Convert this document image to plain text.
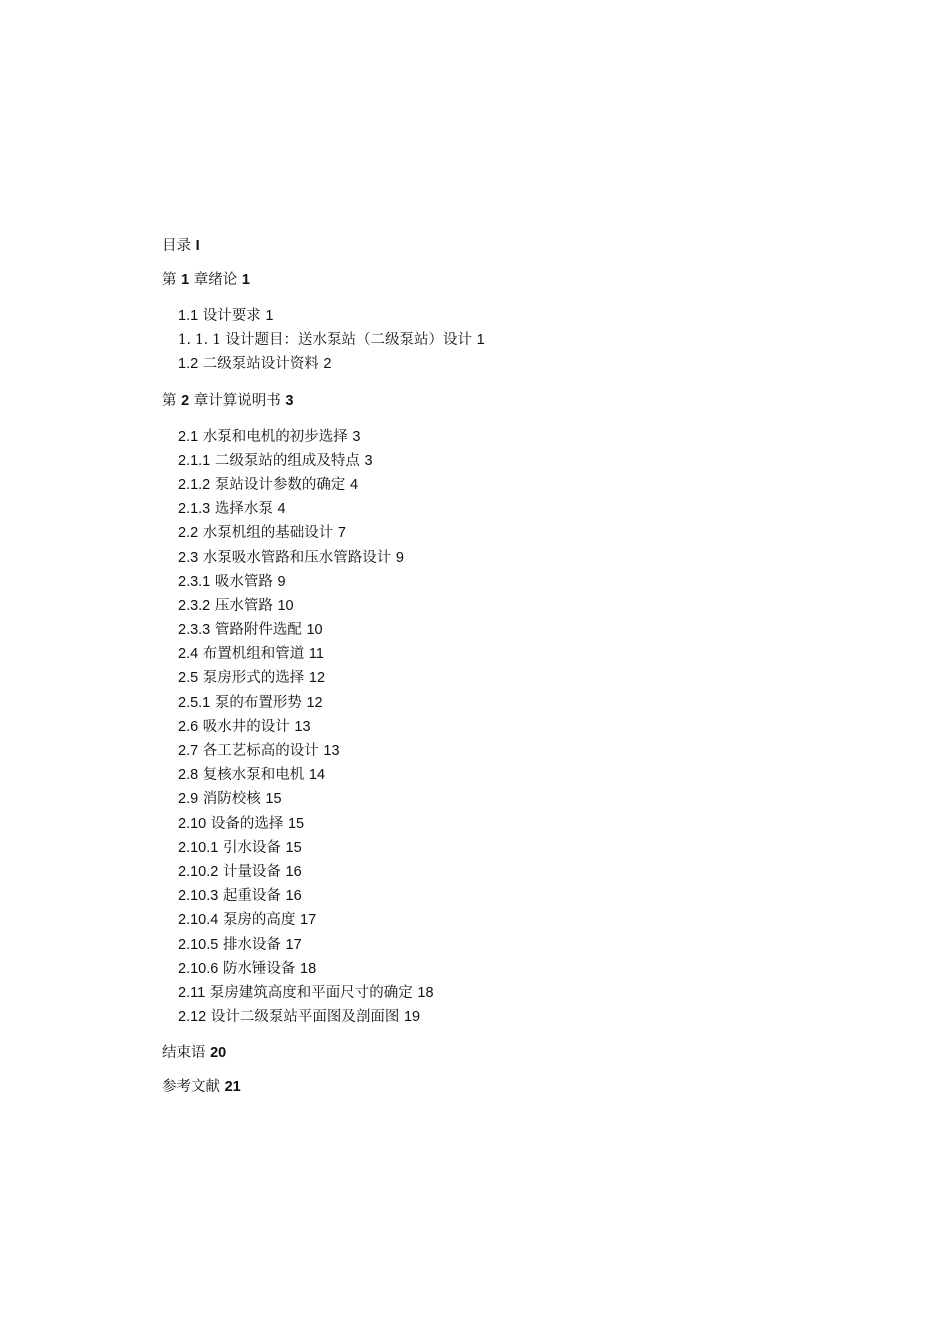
目录 I
第 1 章绪论 1
1.1 设计要求 1
1. 1. 1 设计题目：送水泵站（二级泵站）设计 1
1.2 二级泵站设计资料 2
第 2 章计算说明书 3
2.1 水泵和电机的初步选择 3
2.1.1 二级泵站的组成及特点 3
2.1.2 泵站设计参数的确定 4
2.1.3 选择水泵 4
2.2 水泵机组的基础设计 7
2.3 水泵吸水管路和压水管路设计 9
2.3.1 吸水管路 9
2.3.2 压水管路 10
2.3.3 管路附件选配 10
2.4 布置机组和管道 11
2.5 泵房形式的选择 12
2.5.1 泵的布置形势 12
2.6 吸水井的设计 13
2.7 各工艺标高的设计 13
2.8 复核水泵和电机 14
2.9 消防校核 15
2.10 设备的选择 15
2.10.1 引水设备 15
2.10.2 计量设备 16
2.10.3 起重设备 16
2.10.4 泵房的高度 17
2.10.5 排水设备 17
2.10.6 防水锤设备 18
2.11 泵房建筑高度和平面尺寸的确定 18
2.12 设计二级泵站平面图及剖面图 19
结束语 20
参考文献 21
